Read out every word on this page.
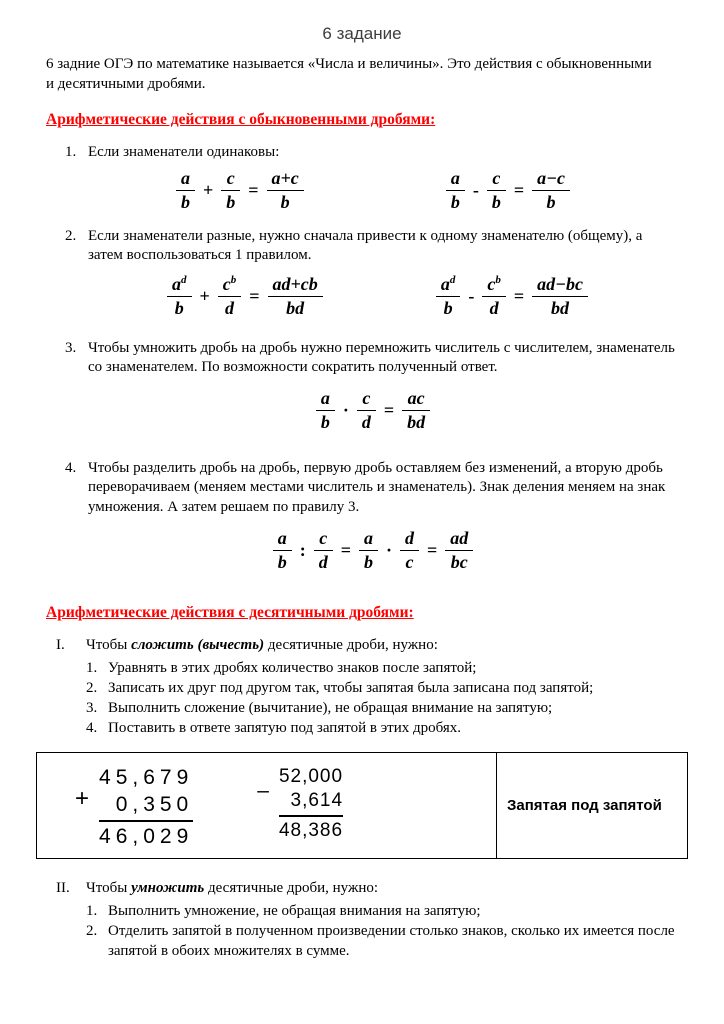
6 задание

6 задние ОГЭ по математике называется «Числа и величины». Это действия с обыкновенными и десятичными дробями.

Арифметические действия с обыкновенными дробями:
1. Если знаменатели одинаковы:
$\frac{a}{b} + \frac{c}{b} = \frac{a+c}{b}$	$\frac{a}{b} - \frac{c}{b} = \frac{a-c}{b}$
2. Если знаменатели разные, нужно сначала привести к одному знаменателю (общему), а затем воспользоваться 1 правилом.
$\frac{a^d}{b} + \frac{c^b}{d} = \frac{ad+cb}{bd}$	$\frac{a^d}{b} - \frac{c^b}{d} = \frac{ad-bc}{bd}$
3. Чтобы умножить дробь на дробь нужно перемножить числитель с числителем, знаменатель со знаменателем. По возможности сократить полученный ответ.
$\frac{a}{b} \cdot \frac{c}{d} = \frac{ac}{bd}$
4. Чтобы разделить дробь на дробь, первую дробь оставляем без изменений, а вторую дробь переворачиваем (меняем местами числитель и знаменатель). Знак деления меняем на знак умножения. А затем решаем по правилу 3.
$\frac{a}{b}$ : $\frac{c}{d} = \frac{a}{b} \cdot \frac{d}{c} = \frac{ad}{bc}$
Арифметические действия с десятичными дробями:
I.	Чтобы сложить (вычесть) десятичные дроби, нужно:
1. Уравнять в этих дробях количество знаков после запятой;
2. Записать их друг под другом так, чтобы запятая была записана под запятой;
3. Выполнить сложение (вычитание), не обращая внимание на запятую;
4. Поставить в ответе запятую под запятой в этих дробях.
+ 45,679
0,350
46,029	–
52,000
3,614
48,386
Запятая под запятой
II.	Чтобы умножить десятичные дроби, нужно:
1. Выполнить умножение, не обращая внимания на запятую;
2. Отделить запятой в полученном произведении столько знаков, сколько их имеется после запятой в обоих множителях в сумме.
